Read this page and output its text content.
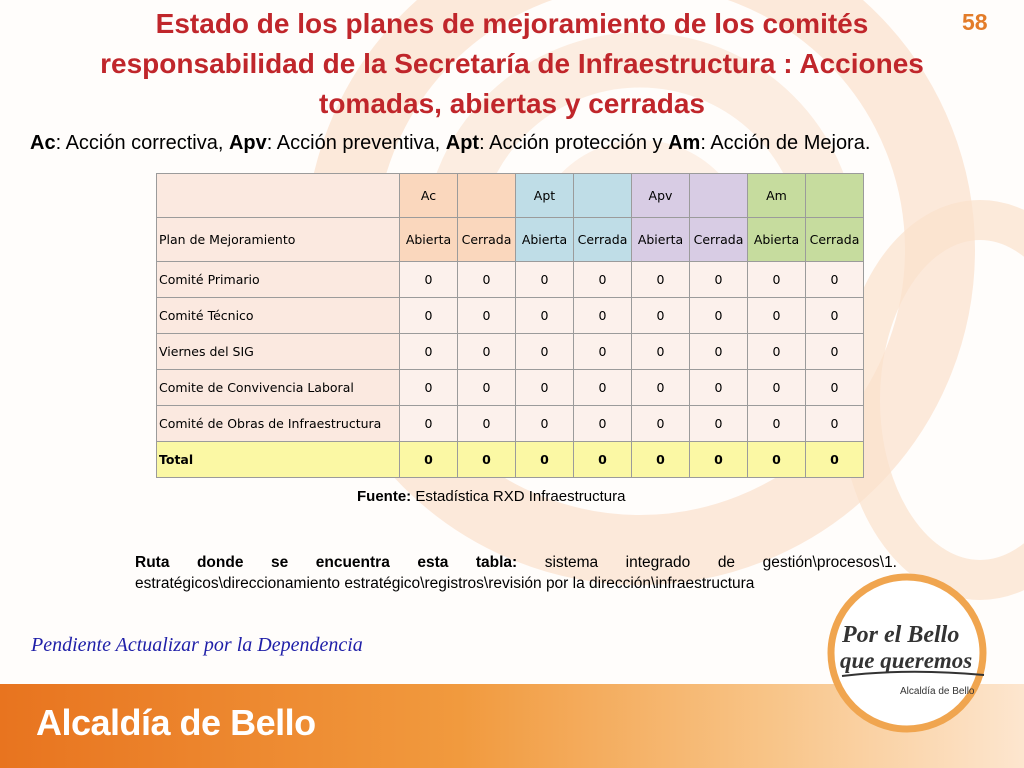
Estado de los planes de mejoramiento de los comités
responsabilidad de la Secretaría de Infraestructura : Acciones
tomadas, abiertas y cerradas
58
Ac: Acción correctiva, Apv: Acción preventiva, Apt: Acción protección y Am: Acción de Mejora.
	Ac		Apt		Apv		Am	
Plan de Mejoramiento	Abierta	Cerrada	Abierta	Cerrada	Abierta	Cerrada	Abierta	Cerrada
Comité Primario	0	0	0	0	0	0	0	0
Comité Técnico	0	0	0	0	0	0	0	0
Viernes del SIG	0	0	0	0	0	0	0	0
Comite de Convivencia Laboral	0	0	0	0	0	0	0	0
Comité de Obras de Infraestructura	0	0	0	0	0	0	0	0
Total	0	0	0	0	0	0	0	0
Fuente: Estadística RXD Infraestructura
Ruta donde se encuentra esta tabla: sistema integrado de gestión\procesos\1. estratégicos\direccionamiento estratégico\registros\revisión por la dirección\infraestructura
Pendiente Actualizar por la Dependencia
Alcaldía de Bello
Por el Bello
que queremos
Alcaldía de Bello
